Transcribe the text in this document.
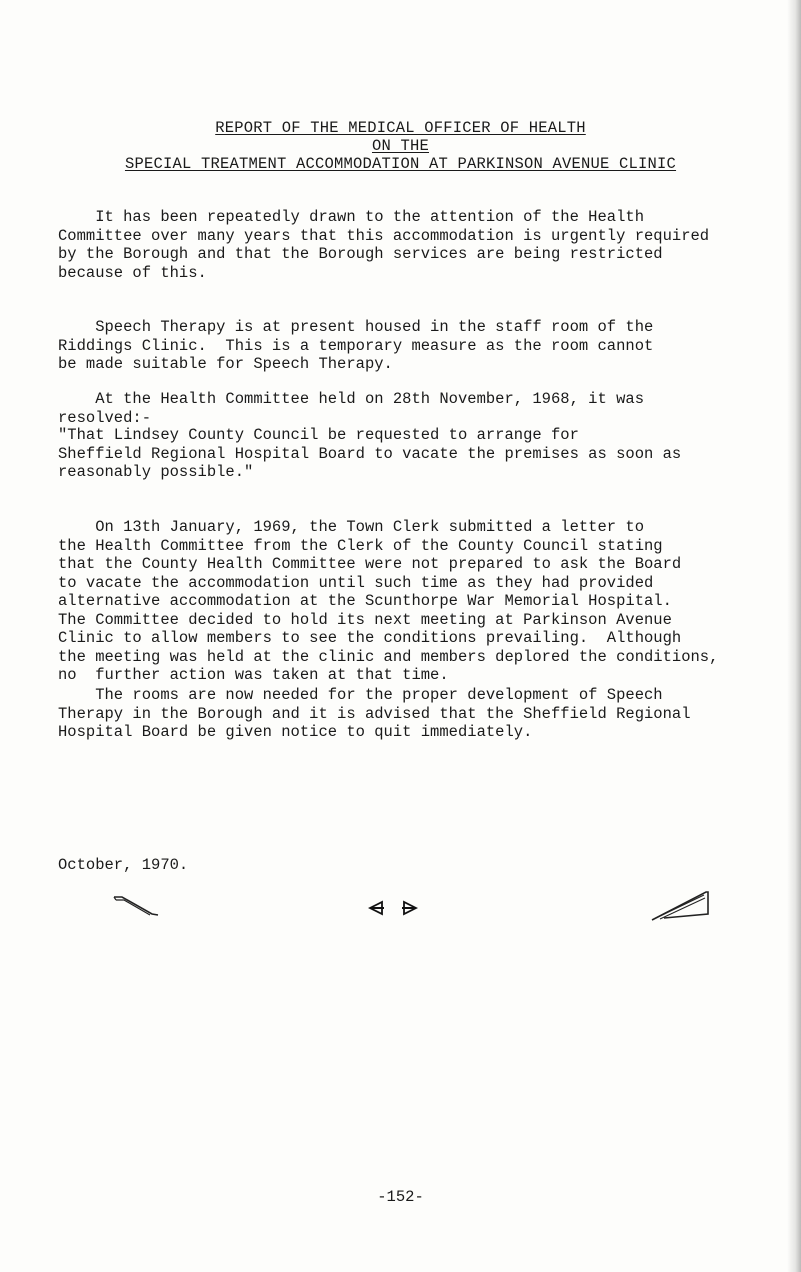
REPORT OF THE MEDICAL OFFICER OF HEALTH
ON THE
SPECIAL TREATMENT ACCOMMODATION AT PARKINSON AVENUE CLINIC
It has been repeatedly drawn to the attention of the Health
Committee over many years that this accommodation is urgently required
by the Borough and that the Borough services are being restricted
because of this.
Speech Therapy is at present housed in the staff room of the
Riddings Clinic.  This is a temporary measure as the room cannot
be made suitable for Speech Therapy.
At the Health Committee held on 28th November, 1968, it was
resolved:-
"That Lindsey County Council be requested to arrange for
Sheffield Regional Hospital Board to vacate the premises as soon as
reasonably possible."
On 13th January, 1969, the Town Clerk submitted a letter to
the Health Committee from the Clerk of the County Council stating
that the County Health Committee were not prepared to ask the Board
to vacate the accommodation until such time as they had provided
alternative accommodation at the Scunthorpe War Memorial Hospital.
The Committee decided to hold its next meeting at Parkinson Avenue
Clinic to allow members to see the conditions prevailing.  Although
the meeting was held at the clinic and members deplored the conditions,
no  further action was taken at that time.
The rooms are now needed for the proper development of Speech
Therapy in the Borough and it is advised that the Sheffield Regional
Hospital Board be given notice to quit immediately.
October, 1970.
-152-
